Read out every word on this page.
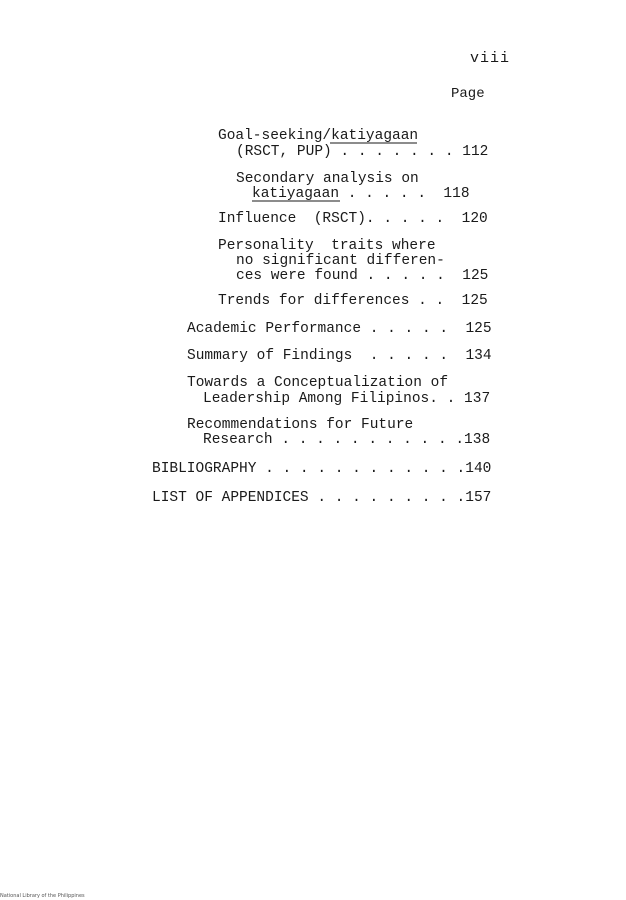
viii
Page
Goal-seeking/katiyagaan
(RSCT, PUP) . . . . . . . 112
Secondary analysis on
katiyagaan . . . . .  118
Influence  (RSCT). . . . .  120
Personality  traits where
no significant differen-
ces were found . . . . .  125
Trends for differences . .  125
Academic Performance . . . . .  125
Summary of Findings  . . . . .  134
Towards a Conceptualization of
Leadership Among Filipinos. . 137
Recommendations for Future
Research . . . . . . . . . . .138
BIBLIOGRAPHY . . . . . . . . . . . .140
LIST OF APPENDICES . . . . . . . . .157
National Library of the Philippines
